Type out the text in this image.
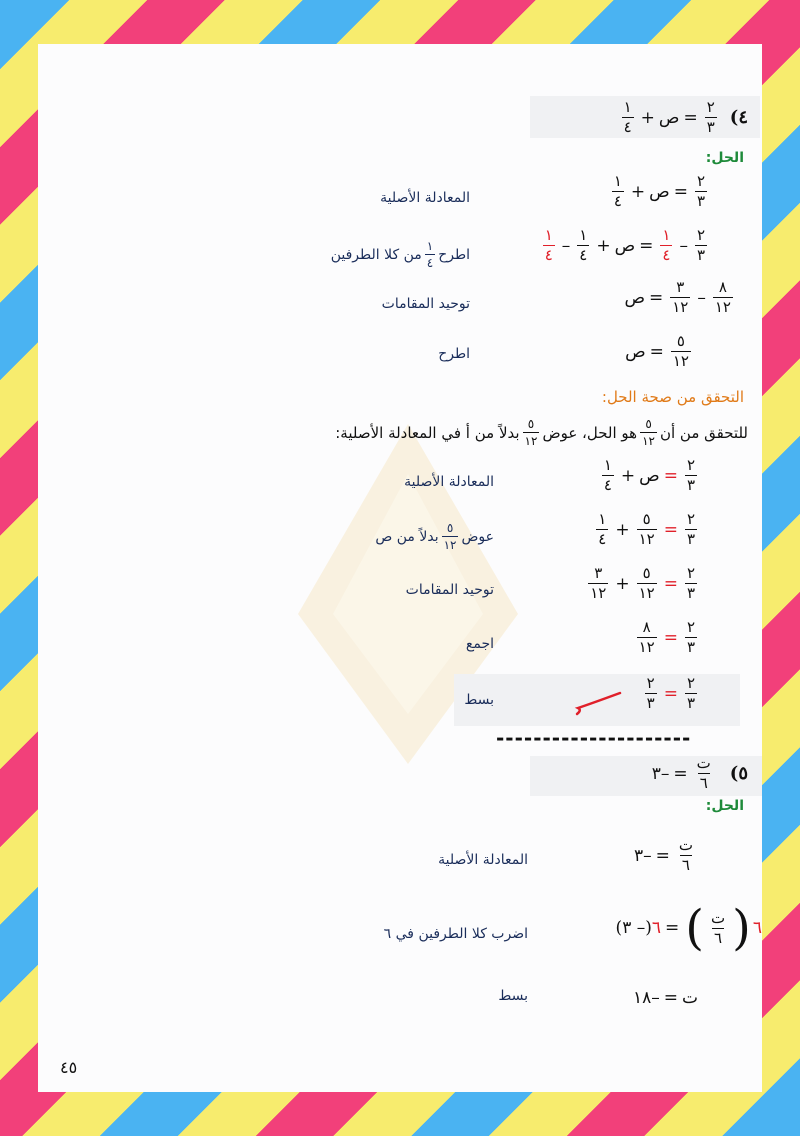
٤)
$\frac{٢}{٣}$
=
ص
+
$\frac{١}{٤}$
الحل:
$\frac{٢}{٣}$
=
ص
+
$\frac{١}{٤}$
المعادلة الأصلية
$\frac{٢}{٣}$
–
$\frac{١}{٤}$
=
ص
+
$\frac{١}{٤}$
–
$\frac{١}{٤}$
اطرح
$\frac{١}{٤}$
من كلا الطرفين
$\frac{٨}{١٢}$
–
$\frac{٣}{١٢}$
=
ص
توحيد المقامات
$\frac{٥}{١٢}$
=
ص
اطرح
التحقق من صحة الحل:
للتحقق من أن
$\frac{٥}{١٢}$
هو الحل، عوض
$\frac{٥}{١٢}$
بدلاً من أ في المعادلة الأصلية:
$\frac{٢}{٣}$
=
ص
+
$\frac{١}{٤}$
المعادلة الأصلية
$\frac{٢}{٣}$
=
$\frac{٥}{١٢}$
+
$\frac{١}{٤}$
عوض
$\frac{٥}{١٢}$
بدلاً من ص
$\frac{٢}{٣}$
=
$\frac{٥}{١٢}$
+
$\frac{٣}{١٢}$
توحيد المقامات
$\frac{٢}{٣}$
=
$\frac{٨}{١٢}$
اجمع
$\frac{٢}{٣}$
=
$\frac{٢}{٣}$
بسط
---------------------
٥)
$\frac{\text{ت}}{٦}$
=
–٣
الحل:
$\frac{\text{ت}}{٦}$
=
–٣
المعادلة الأصلية
٦
(
$\frac{\text{ت}}{٦}$
)
=
٦
(– ٣)
اضرب كلا الطرفين في ٦
ت
=
–١٨
بسط
٤٥
